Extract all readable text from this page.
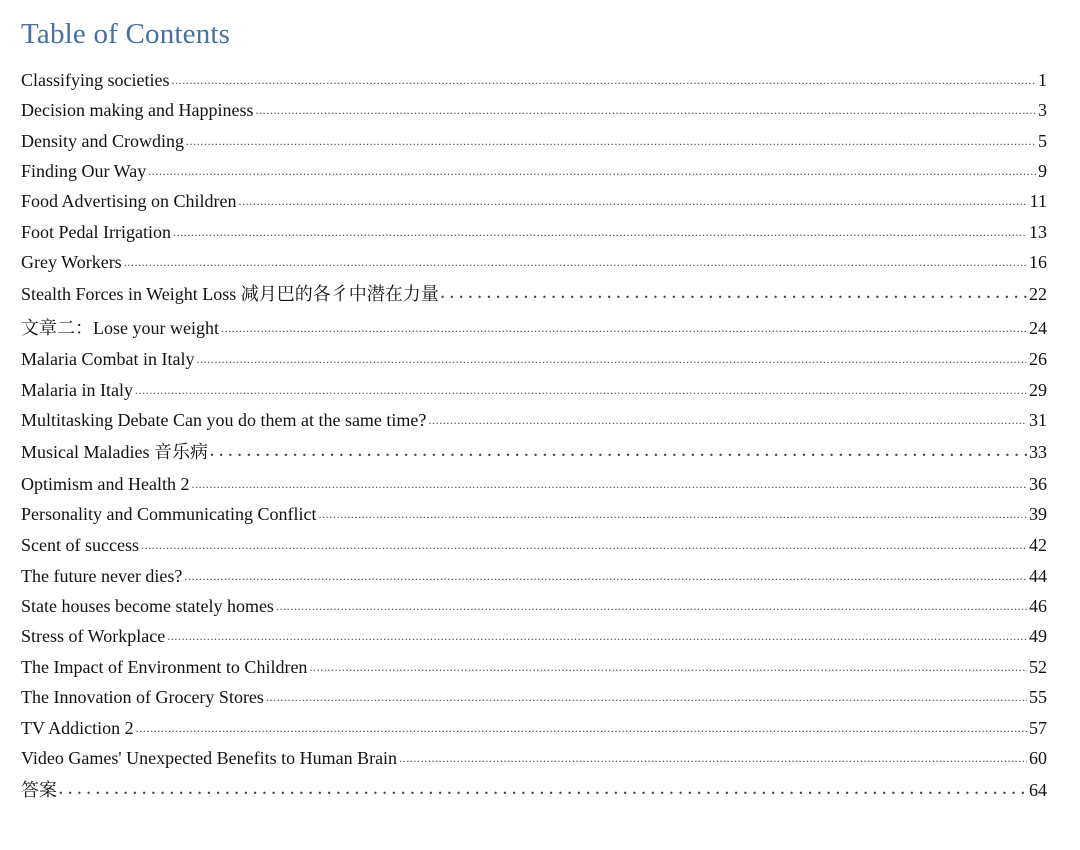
Table of Contents
Classifying societies .....	1
Decision making and Happiness .....	3
Density and Crowding .....	5
Finding Our Way .....	9
Food Advertising on Children .....	11
Foot Pedal Irrigation .....	13
Grey Workers .....	16
Stealth Forces in Weight Loss 减月巴的各彳中潜在力量 .....	22
文章二：Lose your weight .....	24
Malaria Combat in Italy .....	26
Malaria in Italy .....	29
Multitasking Debate Can you do them at the same time? .....	31
Musical Maladies 音乐病 .....	33
Optimism and Health 2 .....	36
Personality and Communicating Conflict .....	39
Scent of success .....	42
The future never dies? .....	44
State houses become stately homes .....	46
Stress of Workplace .....	49
The Impact of Environment to Children .....	52
The Innovation of Grocery Stores .....	55
TV Addiction 2 .....	57
Video Games' Unexpected Benefits to Human Brain .....	60
答案 .....	64
